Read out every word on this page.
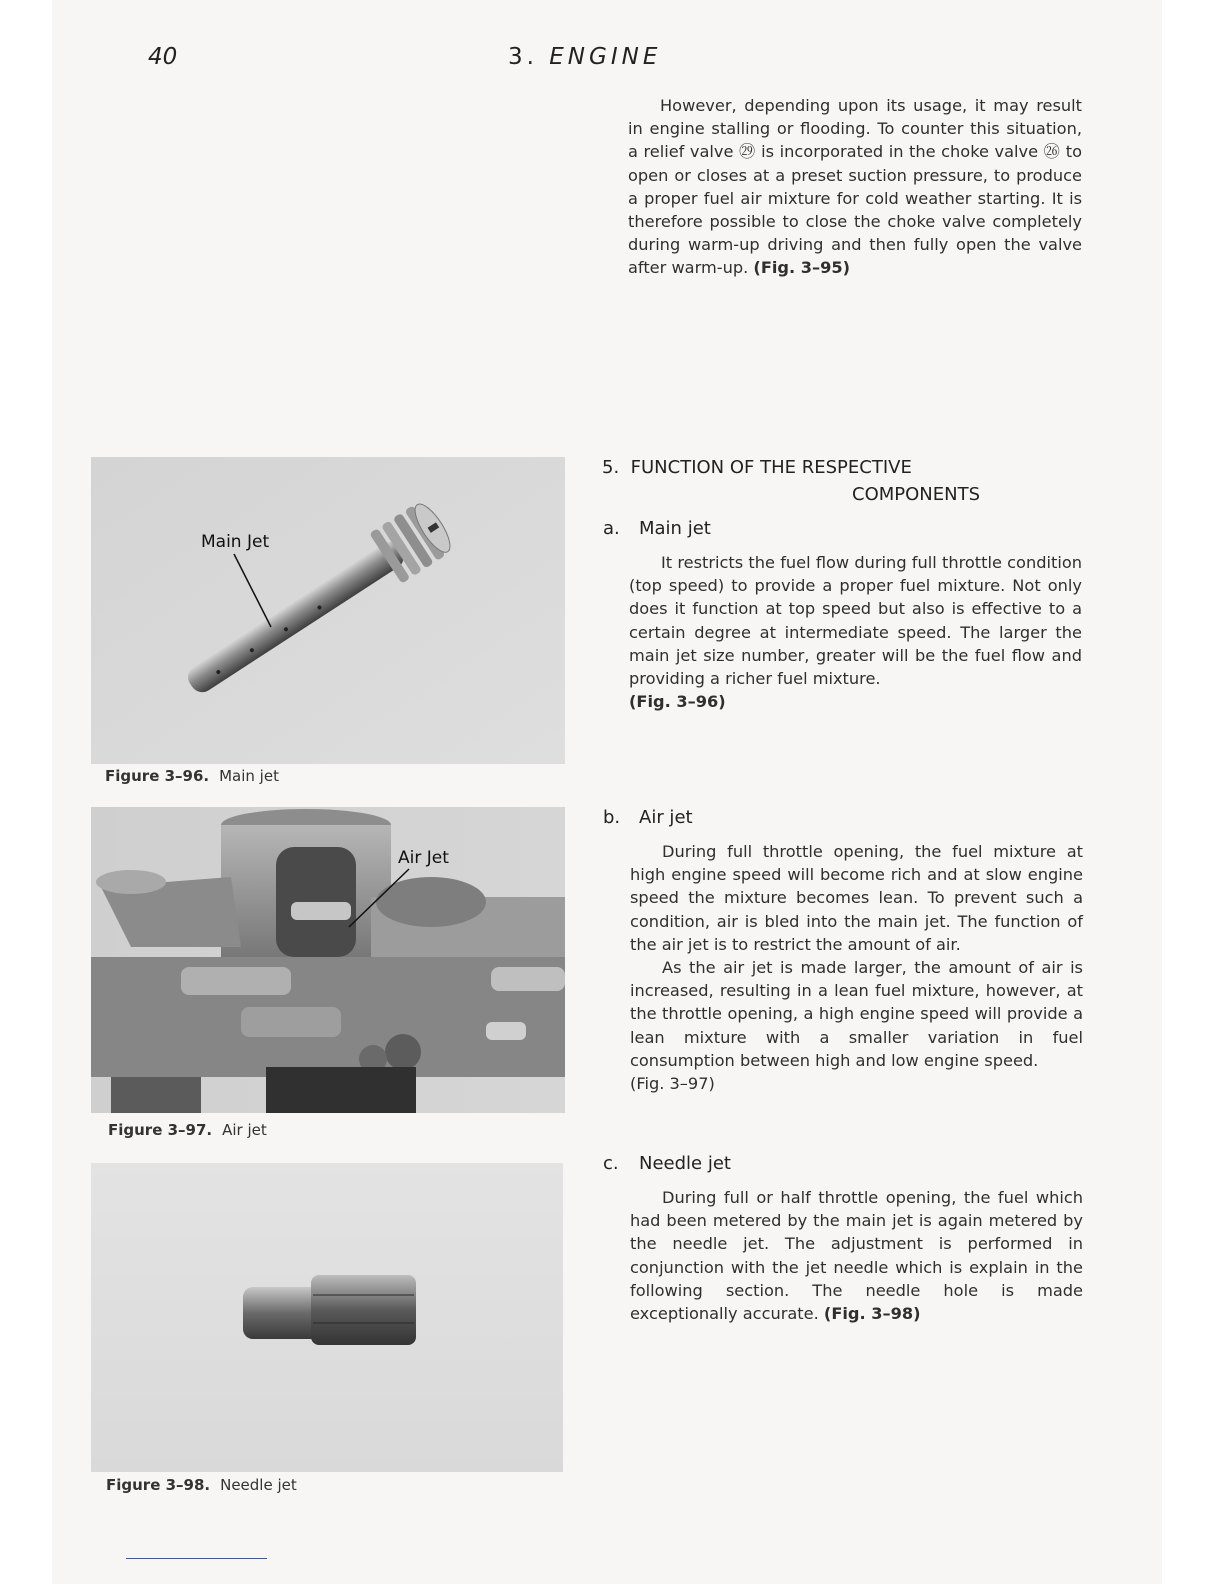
40	3. ENGINE

However, depending upon its usage, it may result in engine stalling or flooding. To counter this situation, a relief valve ㉙ is incorporated in the choke valve ㉖ to open or closes at a preset suction pressure, to produce a proper fuel air mixture for cold weather starting. It is therefore possible to close the choke valve completely during warm-up driving and then fully open the valve after warm-up. (Fig. 3–95)

5. FUNCTION OF THE RESPECTIVE
COMPONENTS
a. Main jet

It restricts the fuel flow during full throttle condition (top speed) to provide a proper fuel mixture. Not only does it function at top speed but also is effective to a certain degree at intermediate speed. The larger the main jet size number, greater will be the fuel flow and providing a richer fuel mixture.
(Fig. 3–96)

b. Air jet

During full throttle opening, the fuel mixture at high engine speed will become rich and at slow engine speed the mixture becomes lean. To prevent such a condition, air is bled into the main jet. The function of the air jet is to restrict the amount of air.

As the air jet is made larger, the amount of air is increased, resulting in a lean fuel mixture, however, at the throttle opening, a high engine speed will provide a lean mixture with a smaller variation in fuel consumption between high and low engine speed.
(Fig. 3–97)

c. Needle jet

During full or half throttle opening, the fuel which had been metered by the main jet is again metered by the needle jet. The adjustment is performed in conjunction with the jet needle which is explain in the following section. The needle hole is made exceptionally accurate. (Fig. 3–98)

Main Jet
Figure 3–96. Main jet
Air Jet
Figure 3–97. Air jet
Figure 3–98. Needle jet
